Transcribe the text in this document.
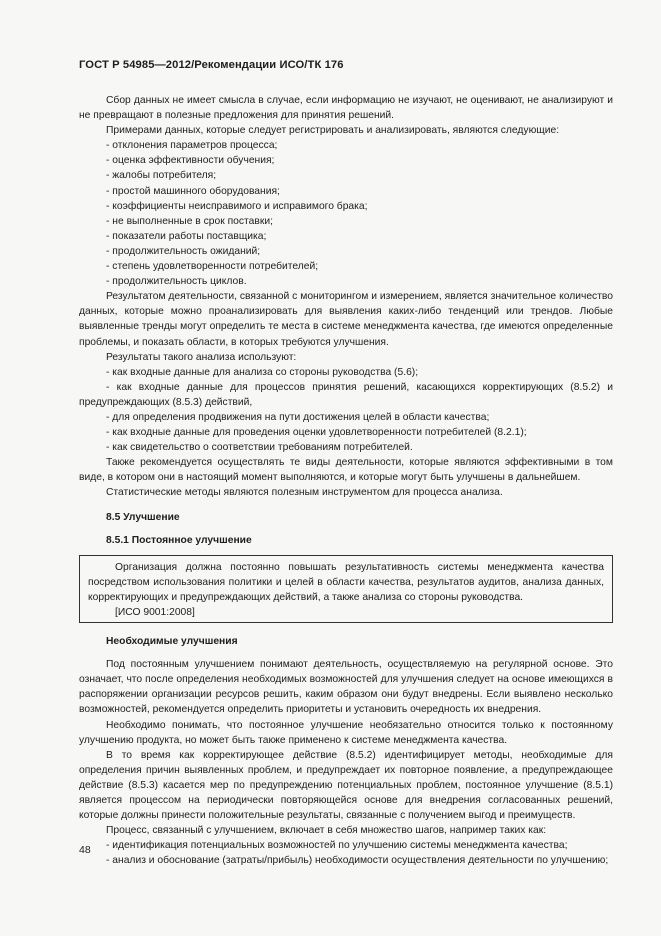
ГОСТ Р 54985—2012/Рекомендации ИСО/ТК 176

Сбор данных не имеет смысла в случае, если информацию не изучают, не оценивают, не анализируют и не превращают в полезные предложения для принятия решений.

Примерами данных, которые следует регистрировать и анализировать, являются следующие:

- отклонения параметров процесса;

- оценка эффективности обучения;

- жалобы потребителя;

- простой машинного оборудования;

- коэффициенты неисправимого и исправимого брака;

- не выполненные в срок поставки;

- показатели работы поставщика;

- продолжительность ожиданий;

- степень удовлетворенности потребителей;

- продолжительность циклов.

Результатом деятельности, связанной с мониторингом и измерением, является значительное количество данных, которые можно проанализировать для выявления каких-либо тенденций или трендов. Любые выявленные тренды могут определить те места в системе менеджмента качества, где имеются определенные проблемы, и показать области, в которых требуются улучшения.

Результаты такого анализа используют:

- как входные данные для анализа со стороны руководства (5.6);

- как входные данные для процессов принятия решений, касающихся корректирующих (8.5.2) и предупреждающих (8.5.3) действий,

- для определения продвижения на пути достижения целей в области качества;

- как входные данные для проведения оценки удовлетворенности потребителей (8.2.1);

- как свидетельство о соответствии требованиям потребителей.

Также рекомендуется осуществлять те виды деятельности, которые являются эффективными в том виде, в котором они в настоящий момент выполняются, и которые могут быть улучшены в дальнейшем.

Статистические методы являются полезным инструментом для процесса анализа.

8.5 Улучшение
8.5.1 Постоянное улучшение

Организация должна постоянно повышать результативность системы менеджмента качества посредством использования политики и целей в области качества, результатов аудитов, анализа данных, корректирующих и предупреждающих действий, а также анализа со стороны руководства.

[ИСО 9001:2008]

Необходимые улучшения

Под постоянным улучшением понимают деятельность, осуществляемую на регулярной основе. Это означает, что после определения необходимых возможностей для улучшения следует на основе имеющихся в распоряжении организации ресурсов решить, каким образом они будут внедрены. Если выявлено несколько возможностей, рекомендуется определить приоритеты и установить очередность их внедрения.

Необходимо понимать, что постоянное улучшение необязательно относится только к постоянному улучшению продукта, но может быть также применено к системе менеджмента качества.

В то время как корректирующее действие (8.5.2) идентифицирует методы, необходимые для определения причин выявленных проблем, и предупреждает их повторное появление, а предупреждающее действие (8.5.3) касается мер по предупреждению потенциальных проблем, постоянное улучшение (8.5.1) является процессом на периодически повторяющейся основе для внедрения согласованных решений, которые должны принести положительные результаты, связанные с получением выгод и преимуществ.

Процесс, связанный с улучшением, включает в себя множество шагов, например таких как:

- идентификация потенциальных возможностей по улучшению системы менеджмента качества;

- анализ и обоснование (затраты/прибыль) необходимости осуществления деятельности по улучшению;

48
